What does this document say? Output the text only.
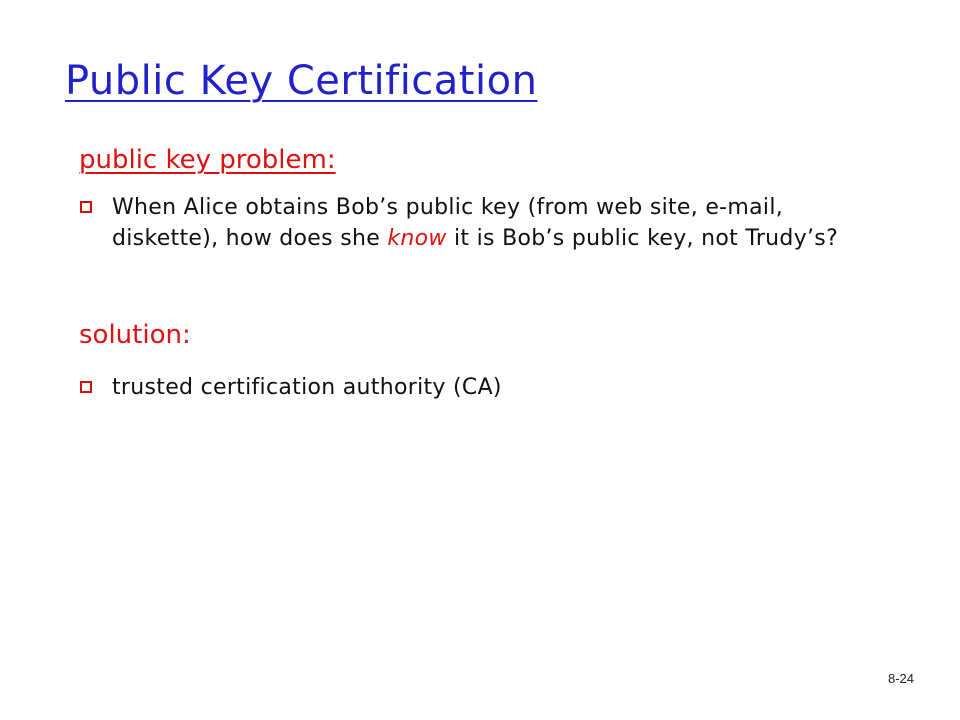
Public Key Certification
public key problem:
When Alice obtains Bob’s public key (from web site, e-mail, diskette), how does she know it is Bob’s public key, not Trudy’s?
solution:
trusted certification authority (CA)
8-24
